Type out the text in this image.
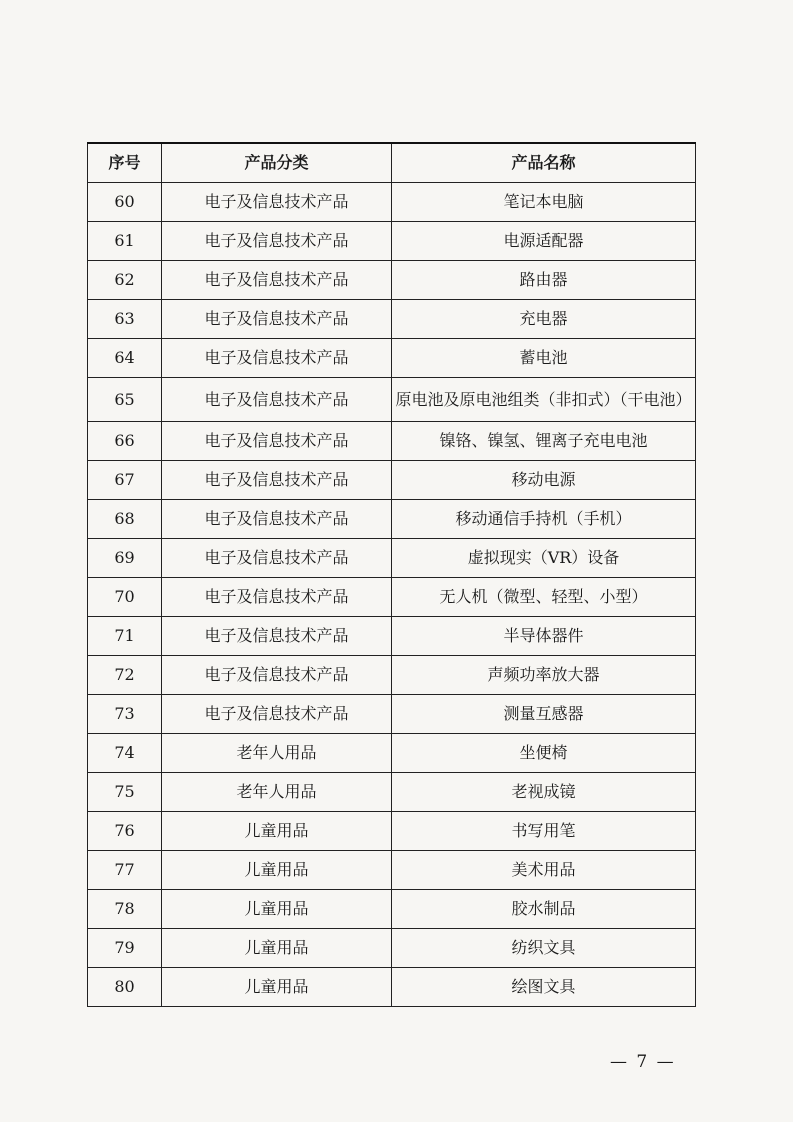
序号	产品分类	产品名称
60	电子及信息技术产品	笔记本电脑
61	电子及信息技术产品	电源适配器
62	电子及信息技术产品	路由器
63	电子及信息技术产品	充电器
64	电子及信息技术产品	蓄电池
65	电子及信息技术产品	原电池及原电池组类（非扣式）（干电池）
66	电子及信息技术产品	镍铬、镍氢、锂离子充电电池
67	电子及信息技术产品	移动电源
68	电子及信息技术产品	移动通信手持机（手机）
69	电子及信息技术产品	虚拟现实（VR）设备
70	电子及信息技术产品	无人机（微型、轻型、小型）
71	电子及信息技术产品	半导体器件
72	电子及信息技术产品	声频功率放大器
73	电子及信息技术产品	测量互感器
74	老年人用品	坐便椅
75	老年人用品	老视成镜
76	儿童用品	书写用笔
77	儿童用品	美术用品
78	儿童用品	胶水制品
79	儿童用品	纺织文具
80	儿童用品	绘图文具
— 7 —
